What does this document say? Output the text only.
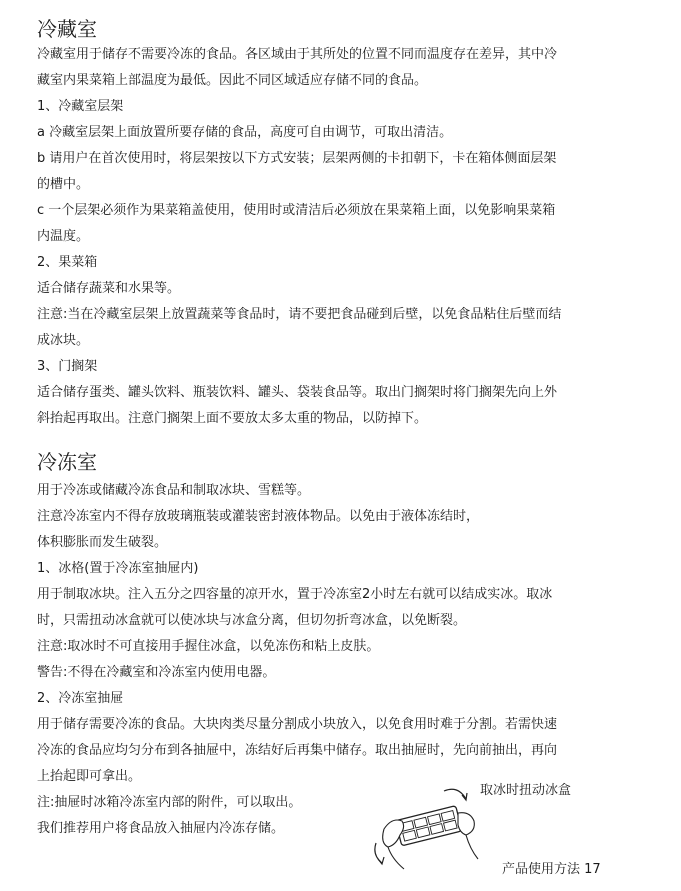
冷藏室

冷藏室用于储存不需要冷冻的食品。各区域由于其所处的位置不同而温度存在差异，其中冷

藏室内果菜箱上部温度为最低。因此不同区域适应存储不同的食品。

1、冷藏室层架

a 冷藏室层架上面放置所要存储的食品，高度可自由调节，可取出清洁。

b 请用户在首次使用时，将层架按以下方式安装；层架两侧的卡扣朝下，卡在箱体侧面层架

的槽中。

c 一个层架必须作为果菜箱盖使用，使用时或清洁后必须放在果菜箱上面，以免影响果菜箱

内温度。

2、果菜箱

适合储存蔬菜和水果等。

注意:当在冷藏室层架上放置蔬菜等食品时，请不要把食品碰到后壁，以免食品粘住后壁而结

成冰块。

3、门搁架

适合储存蛋类、罐头饮料、瓶装饮料、罐头、袋装食品等。取出门搁架时将门搁架先向上外

斜抬起再取出。注意门搁架上面不要放太多太重的物品，以防掉下。

冷冻室

用于冷冻或储藏冷冻食品和制取冰块、雪糕等。

注意冷冻室内不得存放玻璃瓶装或灌装密封液体物品。以免由于液体冻结时，

体积膨胀而发生破裂。

1、冰格(置于冷冻室抽屉内)

用于制取冰块。注入五分之四容量的凉开水，置于冷冻室2小时左右就可以结成实冰。取冰

时，只需扭动冰盒就可以使冰块与冰盒分离，但切勿折弯冰盒，以免断裂。

注意:取冰时不可直接用手握住冰盒，以免冻伤和粘上皮肤。

警告:不得在冷藏室和冷冻室内使用电器。

2、冷冻室抽屉

用于储存需要冷冻的食品。大块肉类尽量分割成小块放入，以免食用时难于分割。若需快速

冷冻的食品应均匀分布到各抽屉中，冻结好后再集中储存。取出抽屉时，先向前抽出，再向

上抬起即可拿出。

注:抽屉时冰箱冷冻室内部的附件，可以取出。

我们推荐用户将食品放入抽屉内冷冻存储。

取冰时扭动冰盒
产品使用方法 17
